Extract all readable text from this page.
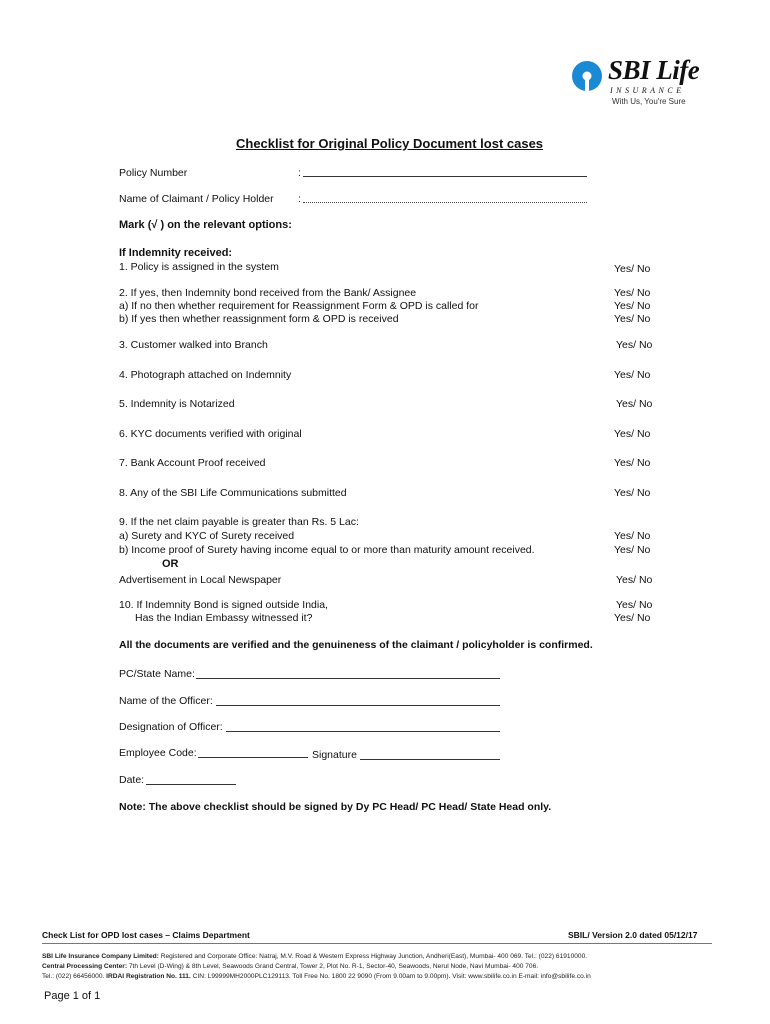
SBI Life
INSURANCE
With Us, You're Sure
Checklist for Original Policy Document lost cases
Policy Number	:
Name of Claimant / Policy Holder :
Mark (√ ) on the relevant options:
If Indemnity received:
1. Policy is assigned in the system	Yes/ No
2. If yes, then Indemnity bond received from the Bank/ Assignee	Yes/ No
a) If no then whether requirement for Reassignment Form & OPD is called for	Yes/ No
b) If yes then whether reassignment form & OPD is received	Yes/ No
3. Customer walked into Branch	Yes/ No
4. Photograph attached on Indemnity	Yes/ No
5. Indemnity is Notarized	Yes/ No
6. KYC documents verified with original	Yes/ No
7. Bank Account Proof received	Yes/ No
8. Any of the SBI Life Communications submitted	Yes/ No
9. If the net claim payable is greater than Rs. 5 Lac:
a) Surety and KYC of Surety received	Yes/ No
b) Income proof of Surety having income equal to or more than maturity amount received.	Yes/ No
OR
Advertisement in Local Newspaper	Yes/ No
10. If Indemnity Bond is signed outside India,	Yes/ No
Has the Indian Embassy witnessed it?	Yes/ No
All the documents are verified and the genuineness of the claimant / policyholder is confirmed.
PC/State Name:
Name of the Officer:
Designation of Officer:
Employee Code:	Signature
Date:
Note: The above checklist should be signed by Dy PC Head/ PC Head/ State Head only.
Check List for OPD lost cases – Claims Department	SBIL/ Version 2.0 dated 05/12/17
SBI Life Insurance Company Limited: Registered and Corporate Office: Natraj, M.V. Road & Western Express Highway Junction, Andheri(East), Mumbai- 400 069. Tel.: (022) 61910000.
Central Processing Center: 7th Level (D-Wing) & 8th Level, Seawoods Grand Central, Tower 2, Plot No. R-1, Sector-40, Seawoods, Nerul Node, Navi Mumbai- 400 706.
Tel.: (022) 66456000. IRDAI Registration No. 111. CIN: L99999MH2000PLC129113. Toll Free No. 1800 22 9090 (From 9.00am to 9.00pm). Visit: www.sbilife.co.in E-mail: info@sbilife.co.in
Page 1 of 1
